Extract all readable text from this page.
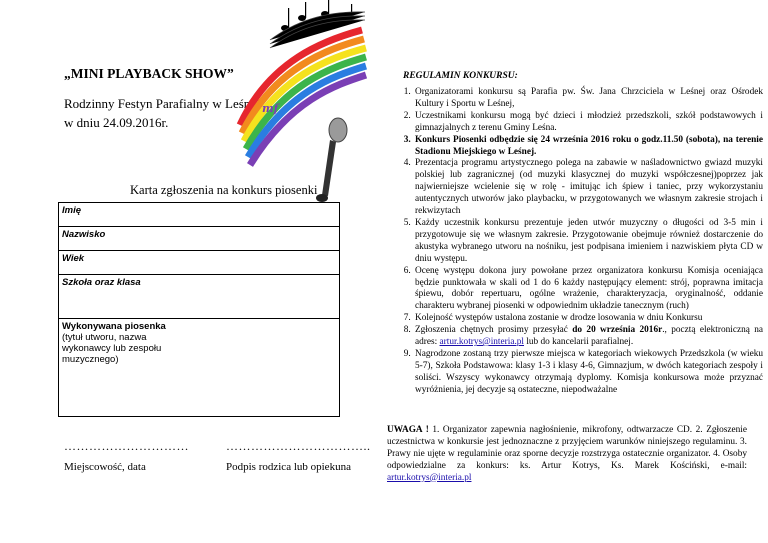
„MINI PLAYBACK SHOW”
Rodzinny Festyn Parafialny w Leśnej
w dniu 24.09.2016r.
mf
Karta zgłoszenia na konkurs piosenki
Imię
Nazwisko
Wiek
Szkoła oraz klasa

Wykonywana piosenka
(tytuł utworu, nazwa wykonawcy lub zespołu muzycznego)
…………………………	……………………………..
Miejscowość, data	Podpis rodzica lub opiekuna
REGULAMIN KONKURSU:
1. Organizatorami konkursu są Parafia pw. Św. Jana Chrzciciela w Leśnej oraz Ośrodek Kultury i Sportu w Leśnej,
2. Uczestnikami konkursu mogą być dzieci i młodzież przedszkoli, szkół podstawowych i gimnazjalnych z terenu Gminy Leśna.
3. Konkurs Piosenki odbędzie się 24 września 2016 roku o godz.11.50 (sobota), na terenie Stadionu Miejskiego w Leśnej.
4. Prezentacja programu artystycznego polega na zabawie w naśladownictwo gwiazd muzyki polskiej lub zagranicznej (od muzyki klasycznej do muzyki współczesnej)poprzez jak najwierniejsze wcielenie się w rolę - imitując ich śpiew i taniec, przy wykorzystaniu autentycznych utworów jako playbacku, w przygotowanych we własnym zakresie strojach i rekwizytach
5. Każdy uczestnik konkursu prezentuje jeden utwór muzyczny o długości od 3-5 min i przygotowuje się we własnym zakresie. Przygotowanie obejmuje również dostarczenie do akustyka wybranego utworu na nośniku, jest podpisana imieniem i nazwiskiem płyta CD w dniu występu.
6. Ocenę występu dokona jury powołane przez organizatora konkursu Komisja oceniająca będzie punktowała w skali od 1 do 6 każdy następujący element: strój, poprawna imitacja śpiewu, dobór repertuaru, ogólne wrażenie, charakteryzacja, oryginalność, oddanie charakteru wybranej piosenki w odpowiednim układzie tanecznym (ruch)
7. Kolejność występów ustalona zostanie w drodze losowania w dniu Konkursu
8. Zgłoszenia chętnych prosimy przesyłać do 20 września 2016r., pocztą elektroniczną na adres: artur.kotrys@interia.pl lub do kancelarii parafialnej.
9. Nagrodzone zostaną trzy pierwsze miejsca w kategoriach wiekowych Przedszkola (w wieku 5-7), Szkoła Podstawowa: klasy 1-3 i klasy 4-6, Gimnazjum, w dwóch kategoriach zespoły i soliści. Wszyscy wykonawcy otrzymają dyplomy. Komisja konkursowa może przyznać wyróżnienia, jej decyzje są ostateczne, niepodważalne
UWAGA ! 1. Organizator zapewnia nagłośnienie, mikrofony, odtwarzacze CD. 2. Zgłoszenie uczestnictwa w konkursie jest jednoznaczne z przyjęciem warunków niniejszego regulaminu. 3. Prawy nie ujęte w regulaminie oraz sporne decyzje rozstrzyga ostatecznie organizator. 4. Osoby odpowiedzialne za konkurs: ks. Artur Kotrys, Ks. Marek Kościński, e-mail: artur.kotrys@interia.pl
